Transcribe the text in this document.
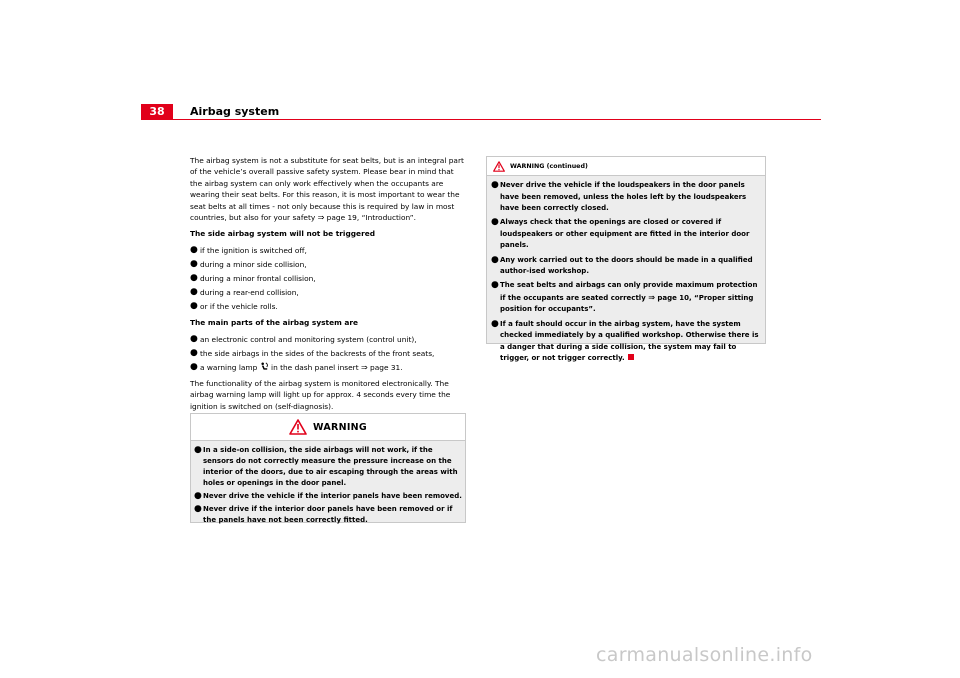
38	Airbag system

The airbag system is not a substitute for seat belts, but is an integral part of the vehicle’s overall passive safety system. Please bear in mind that the airbag system can only work effectively when the occupants are wearing their seat belts. For this reason, it is most important to wear the seat belts at all times - not only because this is required by law in most countries, but also for your safety ⇒ page 19, “Introduction”.

The side airbag system will not be triggered

● if the ignition is switched off,
● during a minor side collision,
● during a minor frontal collision,
● during a rear-end collision,
● or if the vehicle rolls.

The main parts of the airbag system are

● an electronic control and monitoring system (control unit),
● the side airbags in the sides of the backrests of the front seats,
● a warning lamp in the dash panel insert ⇒ page 31.

The functionality of the airbag system is monitored electronically. The airbag warning lamp will light up for approx. 4 seconds every time the ignition is switched on (self-diagnosis).

WARNING
● In a side-on collision, the side airbags will not work, if the sensors do not correctly measure the pressure increase on the interior of the doors, due to air escaping through the areas with holes or openings in the door panel.
● Never drive the vehicle if the interior panels have been removed.
● Never drive if the interior door panels have been removed or if the panels have not been correctly fitted.
WARNING (continued)
● Never drive the vehicle if the loudspeakers in the door panels have been removed, unless the holes left by the loudspeakers have been correctly closed.
● Always check that the openings are closed or covered if loudspeakers or other equipment are fitted in the interior door panels.
● Any work carried out to the doors should be made in a qualified author-ised workshop.
● The seat belts and airbags can only provide maximum protection if the occupants are seated correctly ⇒ page 10, “Proper sitting position for occupants”.
● If a fault should occur in the airbag system, have the system checked immediately by a qualified workshop. Otherwise there is a danger that during a side collision, the system may fail to trigger, or not trigger correctly.
carmanualsonline.info
